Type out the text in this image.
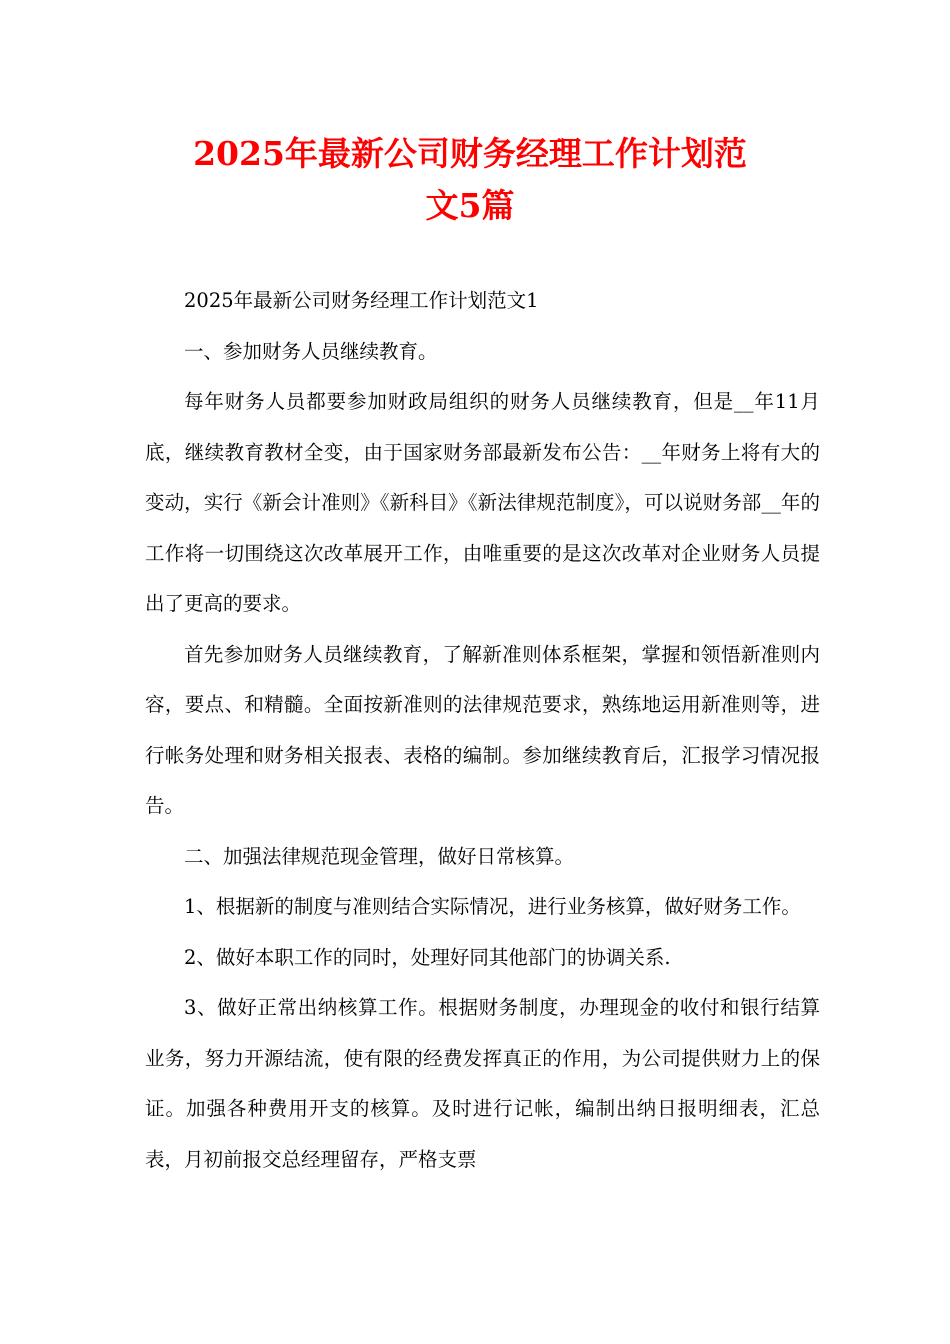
2025年最新公司财务经理工作计划范
文5篇

2025年最新公司财务经理工作计划范文1

一、参加财务人员继续教育。

每年财务人员都要参加财政局组织的财务人员继续教育，但是__年11月底，继续教育教材全变，由于国家财务部最新发布公告：__年财务上将有大的变动，实行《新会计准则》《新科目》《新法律规范制度》，可以说财务部__年的工作将一切围绕这次改革展开工作，由唯重要的是这次改革对企业财务人员提出了更高的要求。

首先参加财务人员继续教育，了解新准则体系框架，掌握和领悟新准则内容，要点、和精髓。全面按新准则的法律规范要求，熟练地运用新准则等，进行帐务处理和财务相关报表、表格的编制。参加继续教育后，汇报学习情况报告。

二、加强法律规范现金管理，做好日常核算。

1、根据新的制度与准则结合实际情况，进行业务核算，做好财务工作。

2、做好本职工作的同时，处理好同其他部门的协调关系.

3、做好正常出纳核算工作。根据财务制度，办理现金的收付和银行结算业务，努力开源结流，使有限的经费发挥真正的作用，为公司提供财力上的保证。加强各种费用开支的核算。及时进行记帐，编制出纳日报明细表，汇总表，月初前报交总经理留存，严格支票
